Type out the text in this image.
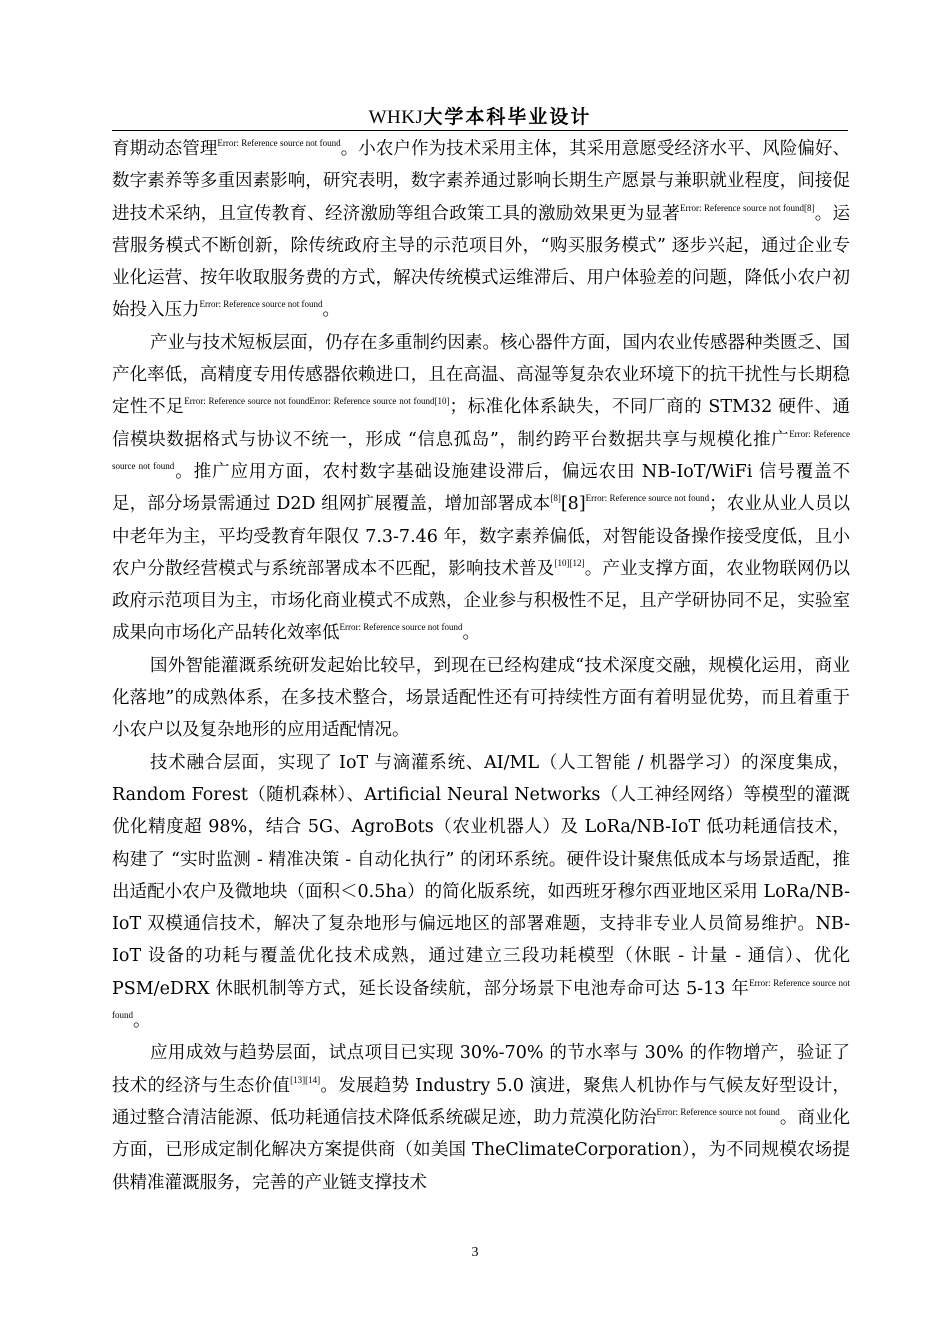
WHKJ大学本科毕业设计

育期动态管理$^{Error: Reference source not found}$。小农户作为技术采用主体，其采用意愿受经济水平、风险偏好、数字素养等多重因素影响，研究表明，数字素养通过影响长期生产愿景与兼职就业程度，间接促进技术采纳，且宣传教育、经济激励等组合政策工具的激励效果更为显著$^{Error: Reference source not found[8]}$。运营服务模式不断创新，除传统政府主导的示范项目外，“购买服务模式” 逐步兴起，通过企业专业化运营、按年收取服务费的方式，解决传统模式运维滞后、用户体验差的问题，降低小农户初始投入压力$^{Error: Reference source not found}$。

产业与技术短板层面，仍存在多重制约因素。核心器件方面，国内农业传感器种类匮乏、国产化率低，高精度专用传感器依赖进口，且在高温、高湿等复杂农业环境下的抗干扰性与长期稳定性不足$^{Error: Reference source not foundError: Reference source not found[10]}$；标准化体系缺失，不同厂商的 STM32 硬件、通信模块数据格式与协议不统一，形成 “信息孤岛”，制约跨平台数据共享与规模化推广$^{Error: Reference source not found}$。推广应用方面，农村数字基础设施建设滞后，偏远农田 NB-IoT/WiFi 信号覆盖不足，部分场景需通过 D2D 组网扩展覆盖，增加部署成本[8][8]$^{Error: Reference source not found}$；农业从业人员以中老年为主，平均受教育年限仅 7.3-7.46 年，数字素养偏低，对智能设备操作接受度低，且小农户分散经营模式与系统部署成本不匹配，影响技术普及[10][12]。产业支撑方面，农业物联网仍以政府示范项目为主，市场化商业模式不成熟，企业参与积极性不足，且产学研协同不足，实验室成果向市场化产品转化效率低$^{Error: Reference source not found}$。

国外智能灌溉系统研发起始比较早，到现在已经构建成“技术深度交融，规模化运用，商业化落地”的成熟体系，在多技术整合，场景适配性还有可持续性方面有着明显优势，而且着重于小农户以及复杂地形的应用适配情况。

技术融合层面，实现了 IoT 与滴灌系统、AI/ML（人工智能 / 机器学习）的深度集成，Random Forest（随机森林）、Artificial Neural Networks（人工神经网络）等模型的灌溉优化精度超 98%，结合 5G、AgroBots（农业机器人）及 LoRa/NB-IoT 低功耗通信技术，构建了 “实时监测 - 精准决策 - 自动化执行” 的闭环系统。硬件设计聚焦低成本与场景适配，推出适配小农户及微地块（面积＜0.5ha）的简化版系统，如西班牙穆尔西亚地区采用 LoRa/NB-IoT 双模通信技术，解决了复杂地形与偏远地区的部署难题，支持非专业人员简易维护。NB-IoT 设备的功耗与覆盖优化技术成熟，通过建立三段功耗模型（休眠 - 计量 - 通信）、优化 PSM/eDRX 休眠机制等方式，延长设备续航，部分场景下电池寿命可达 5-13 年$^{Error: Reference source not found}$。

应用成效与趋势层面，试点项目已实现 30%-70% 的节水率与 30% 的作物增产，验证了技术的经济与生态价值[13][14]。发展趋势 Industry 5.0 演进，聚焦人机协作与气候友好型设计，通过整合清洁能源、低功耗通信技术降低系统碳足迹，助力荒漠化防治$^{Error: Reference source not found}$。商业化方面，已形成定制化解决方案提供商（如美国 TheClimateCorporation），为不同规模农场提供精准灌溉服务，完善的产业链支撑技术

3
